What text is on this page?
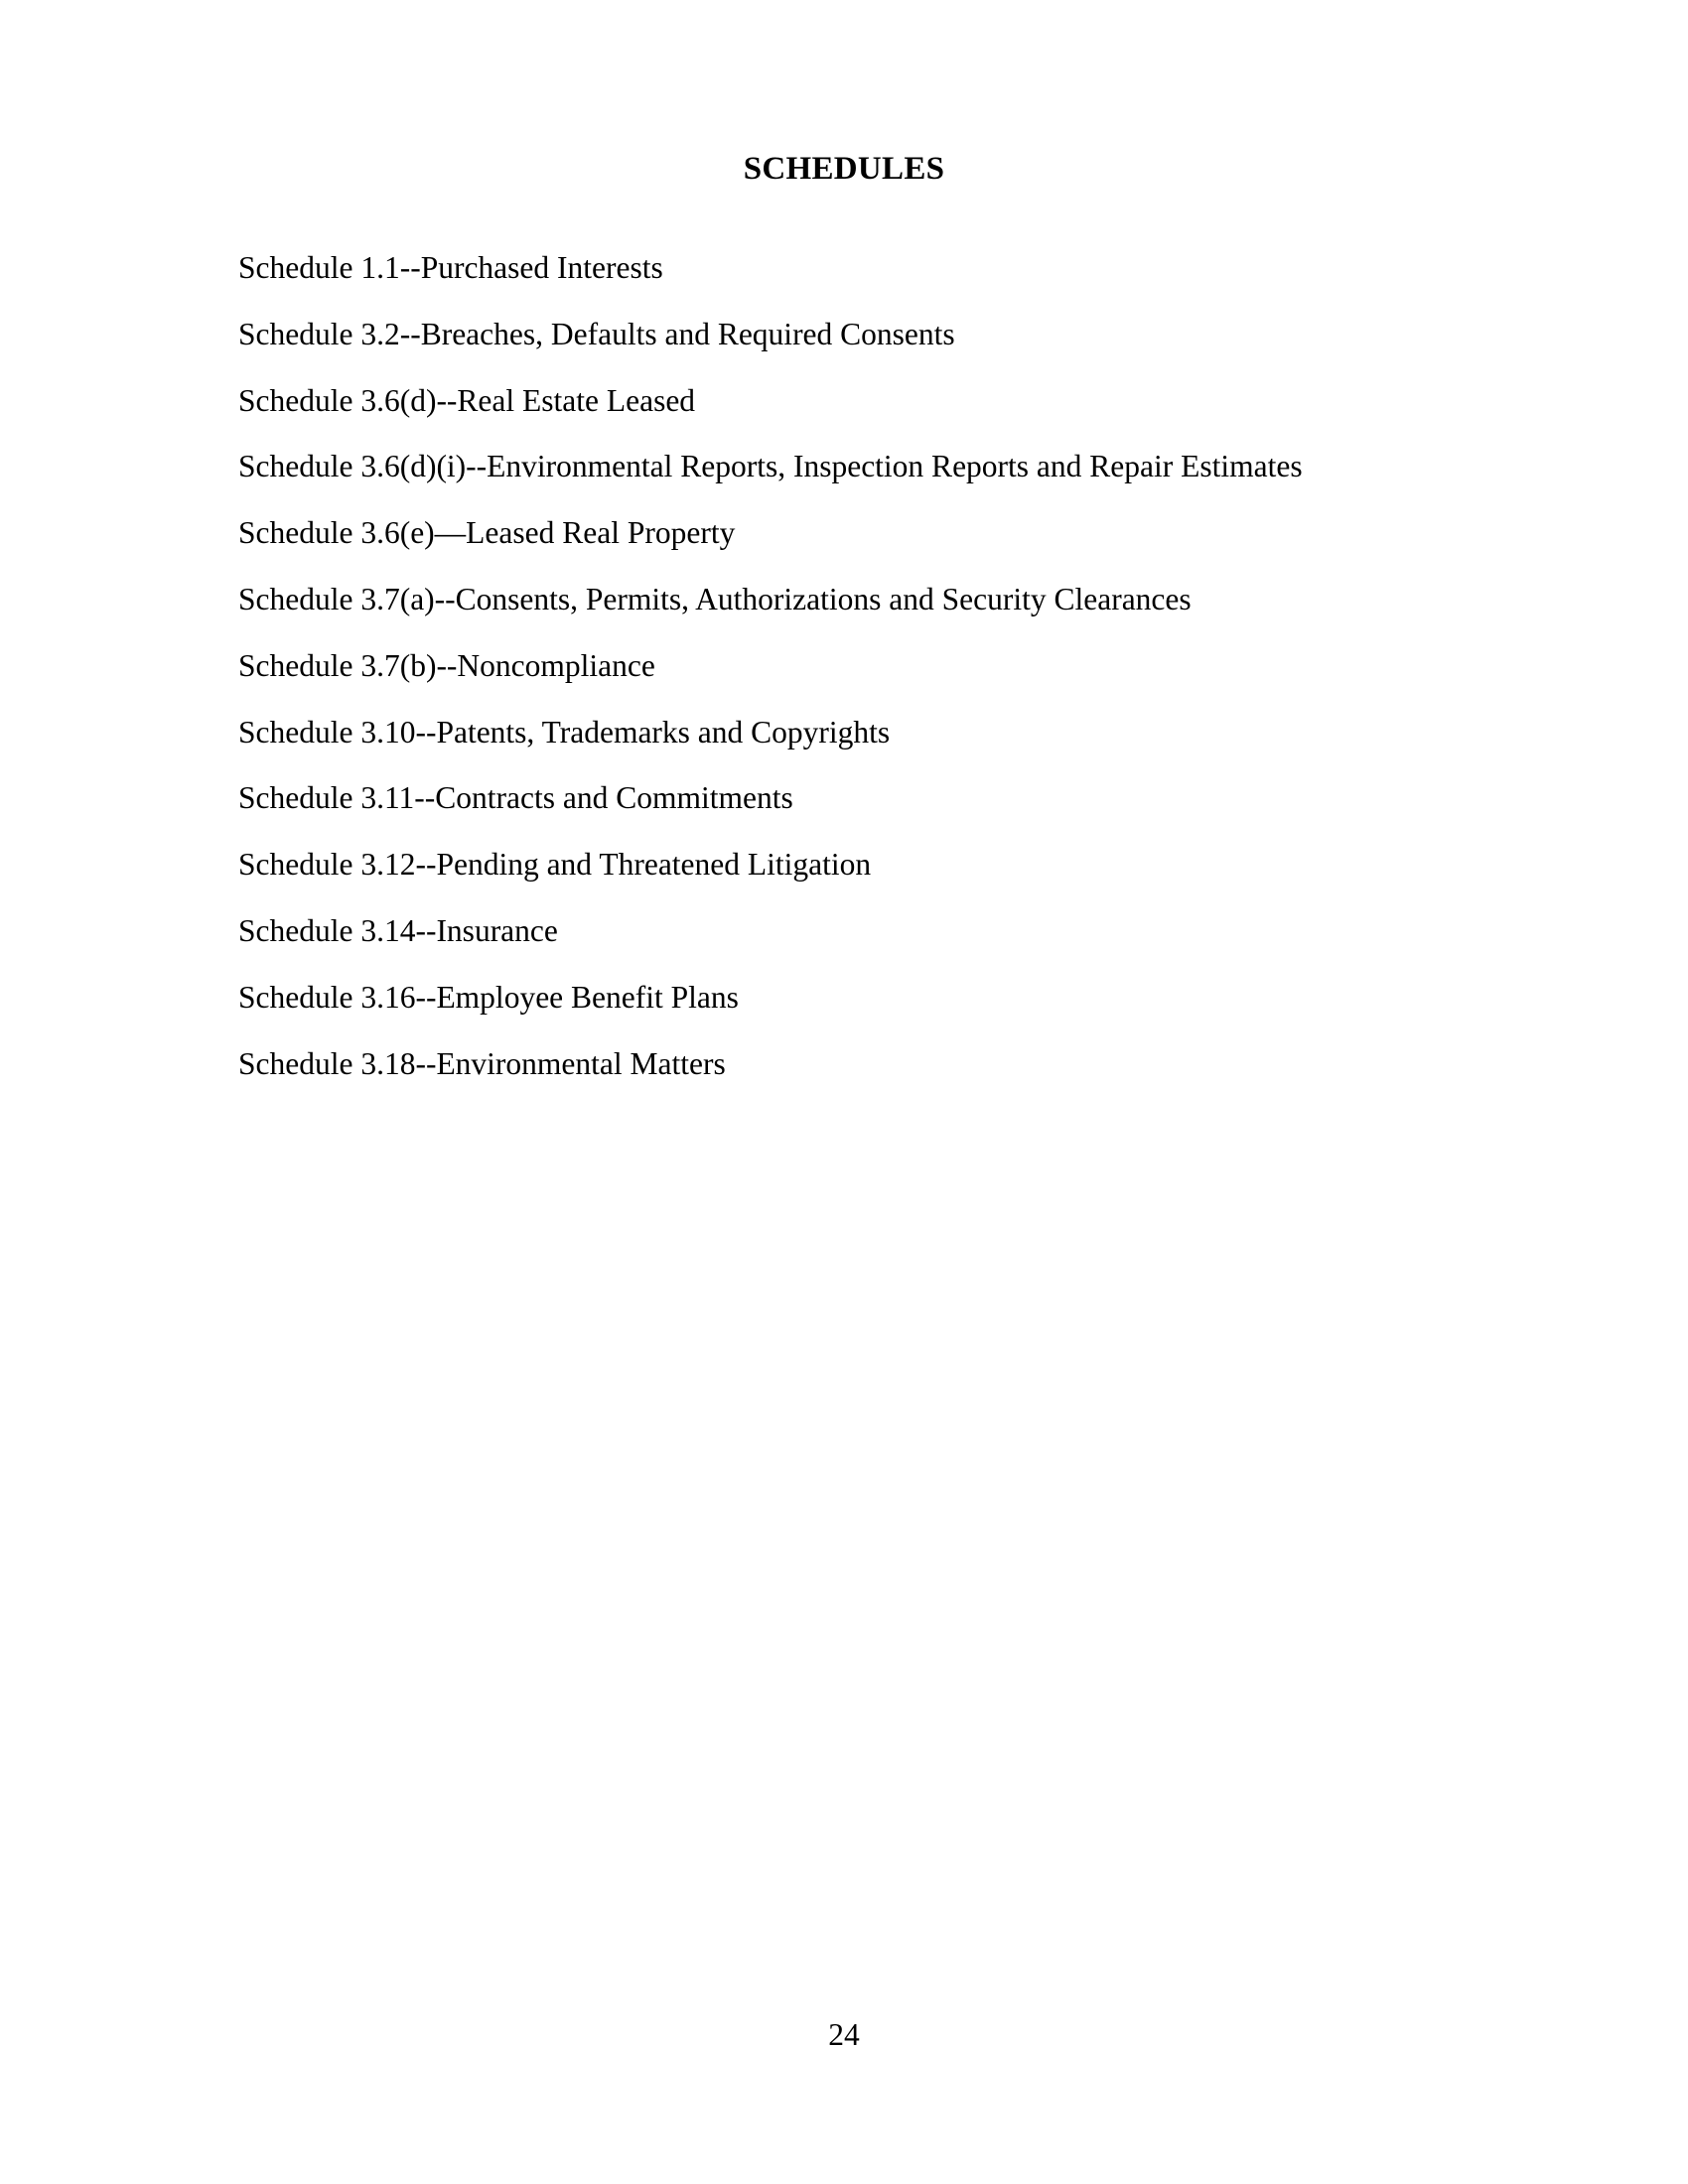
SCHEDULES
Schedule 1.1--Purchased Interests
Schedule 3.2--Breaches, Defaults and Required Consents
Schedule 3.6(d)--Real Estate Leased
Schedule 3.6(d)(i)--Environmental Reports, Inspection Reports and Repair Estimates
Schedule 3.6(e)—Leased Real Property
Schedule 3.7(a)--Consents, Permits, Authorizations and Security Clearances
Schedule 3.7(b)--Noncompliance
Schedule 3.10--Patents, Trademarks and Copyrights
Schedule 3.11--Contracts and Commitments
Schedule 3.12--Pending and Threatened Litigation
Schedule 3.14--Insurance
Schedule 3.16--Employee Benefit Plans
Schedule 3.18--Environmental Matters
24
